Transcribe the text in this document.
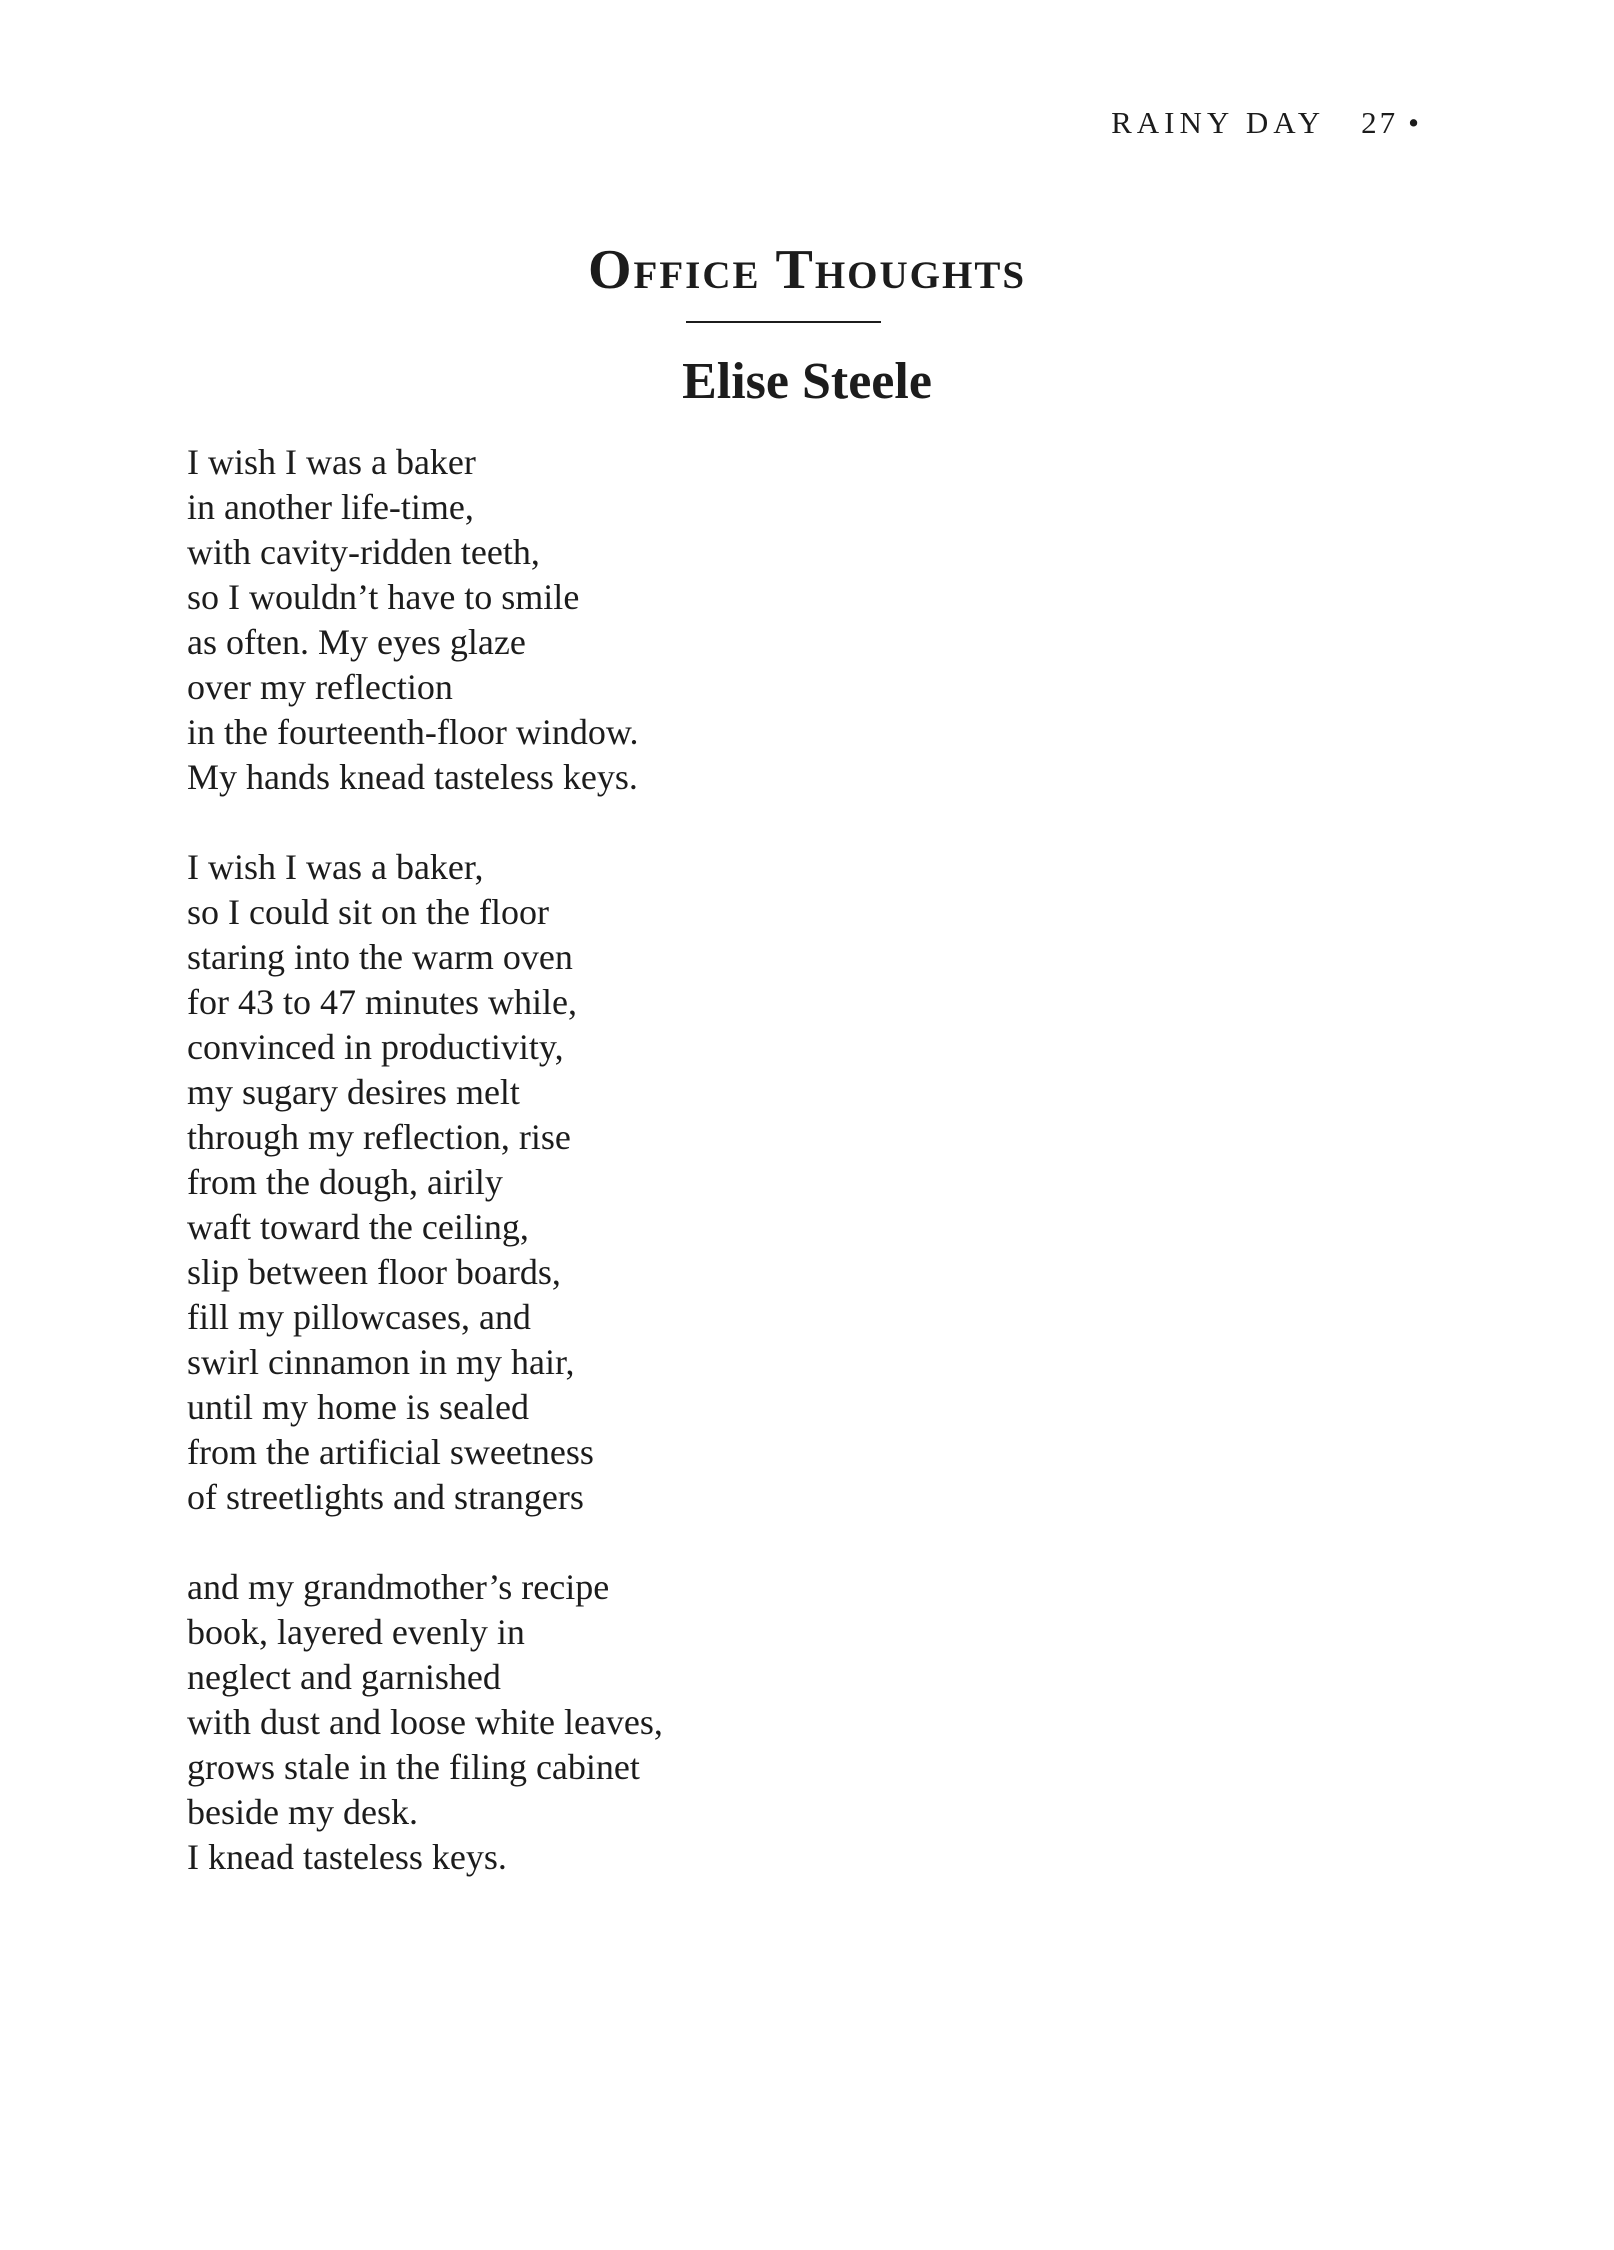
RAINY DAY 27 •
Office Thoughts
Elise Steele
I wish I was a baker
in another life-time,
with cavity-ridden teeth,
so I wouldn’t have to smile
as often. My eyes glaze
over my reflection
in the fourteenth-floor window.
My hands knead tasteless keys.
I wish I was a baker,
so I could sit on the floor
staring into the warm oven
for 43 to 47 minutes while,
convinced in productivity,
my sugary desires melt
through my reflection, rise
from the dough, airily
waft toward the ceiling,
slip between floor boards,
fill my pillowcases, and
swirl cinnamon in my hair,
until my home is sealed
from the artificial sweetness
of streetlights and strangers
and my grandmother’s recipe
book, layered evenly in
neglect and garnished
with dust and loose white leaves,
grows stale in the filing cabinet
beside my desk.
I knead tasteless keys.
